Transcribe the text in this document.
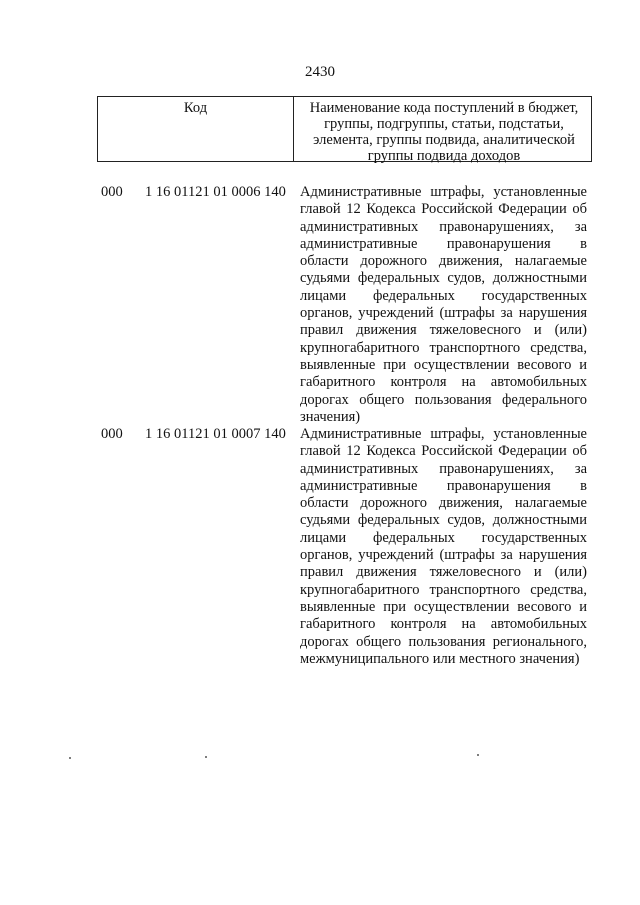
2430
Код	Наименование кода поступлений в бюджет, группы, подгруппы, статьи, подстатьи, элемента, группы подвида, аналитической группы подвида доходов
000 1 16 01121 01 0006 140 Административные штрафы, установленные главой 12 Кодекса Российской Федерации об административных правонарушениях, за административные правонарушения в области дорожного движения, налагаемые судьями федеральных судов, должностными лицами федеральных государственных органов, учреждений (штрафы за нарушения правил движения тяжеловесного и (или) крупногабаритного транспортного средства, выявленные при осуществлении весового и габаритного контроля на автомобильных дорогах общего пользования федерального значения)
000 1 16 01121 01 0007 140 Административные штрафы, установленные главой 12 Кодекса Российской Федерации об административных правонарушениях, за административные правонарушения в области дорожного движения, налагаемые судьями федеральных судов, должностными лицами федеральных государственных органов, учреждений (штрафы за нарушения правил движения тяжеловесного и (или) крупногабаритного транспортного средства, выявленные при осуществлении весового и габаритного контроля на автомобильных дорогах общего пользования регионального, межмуниципального или местного значения)
